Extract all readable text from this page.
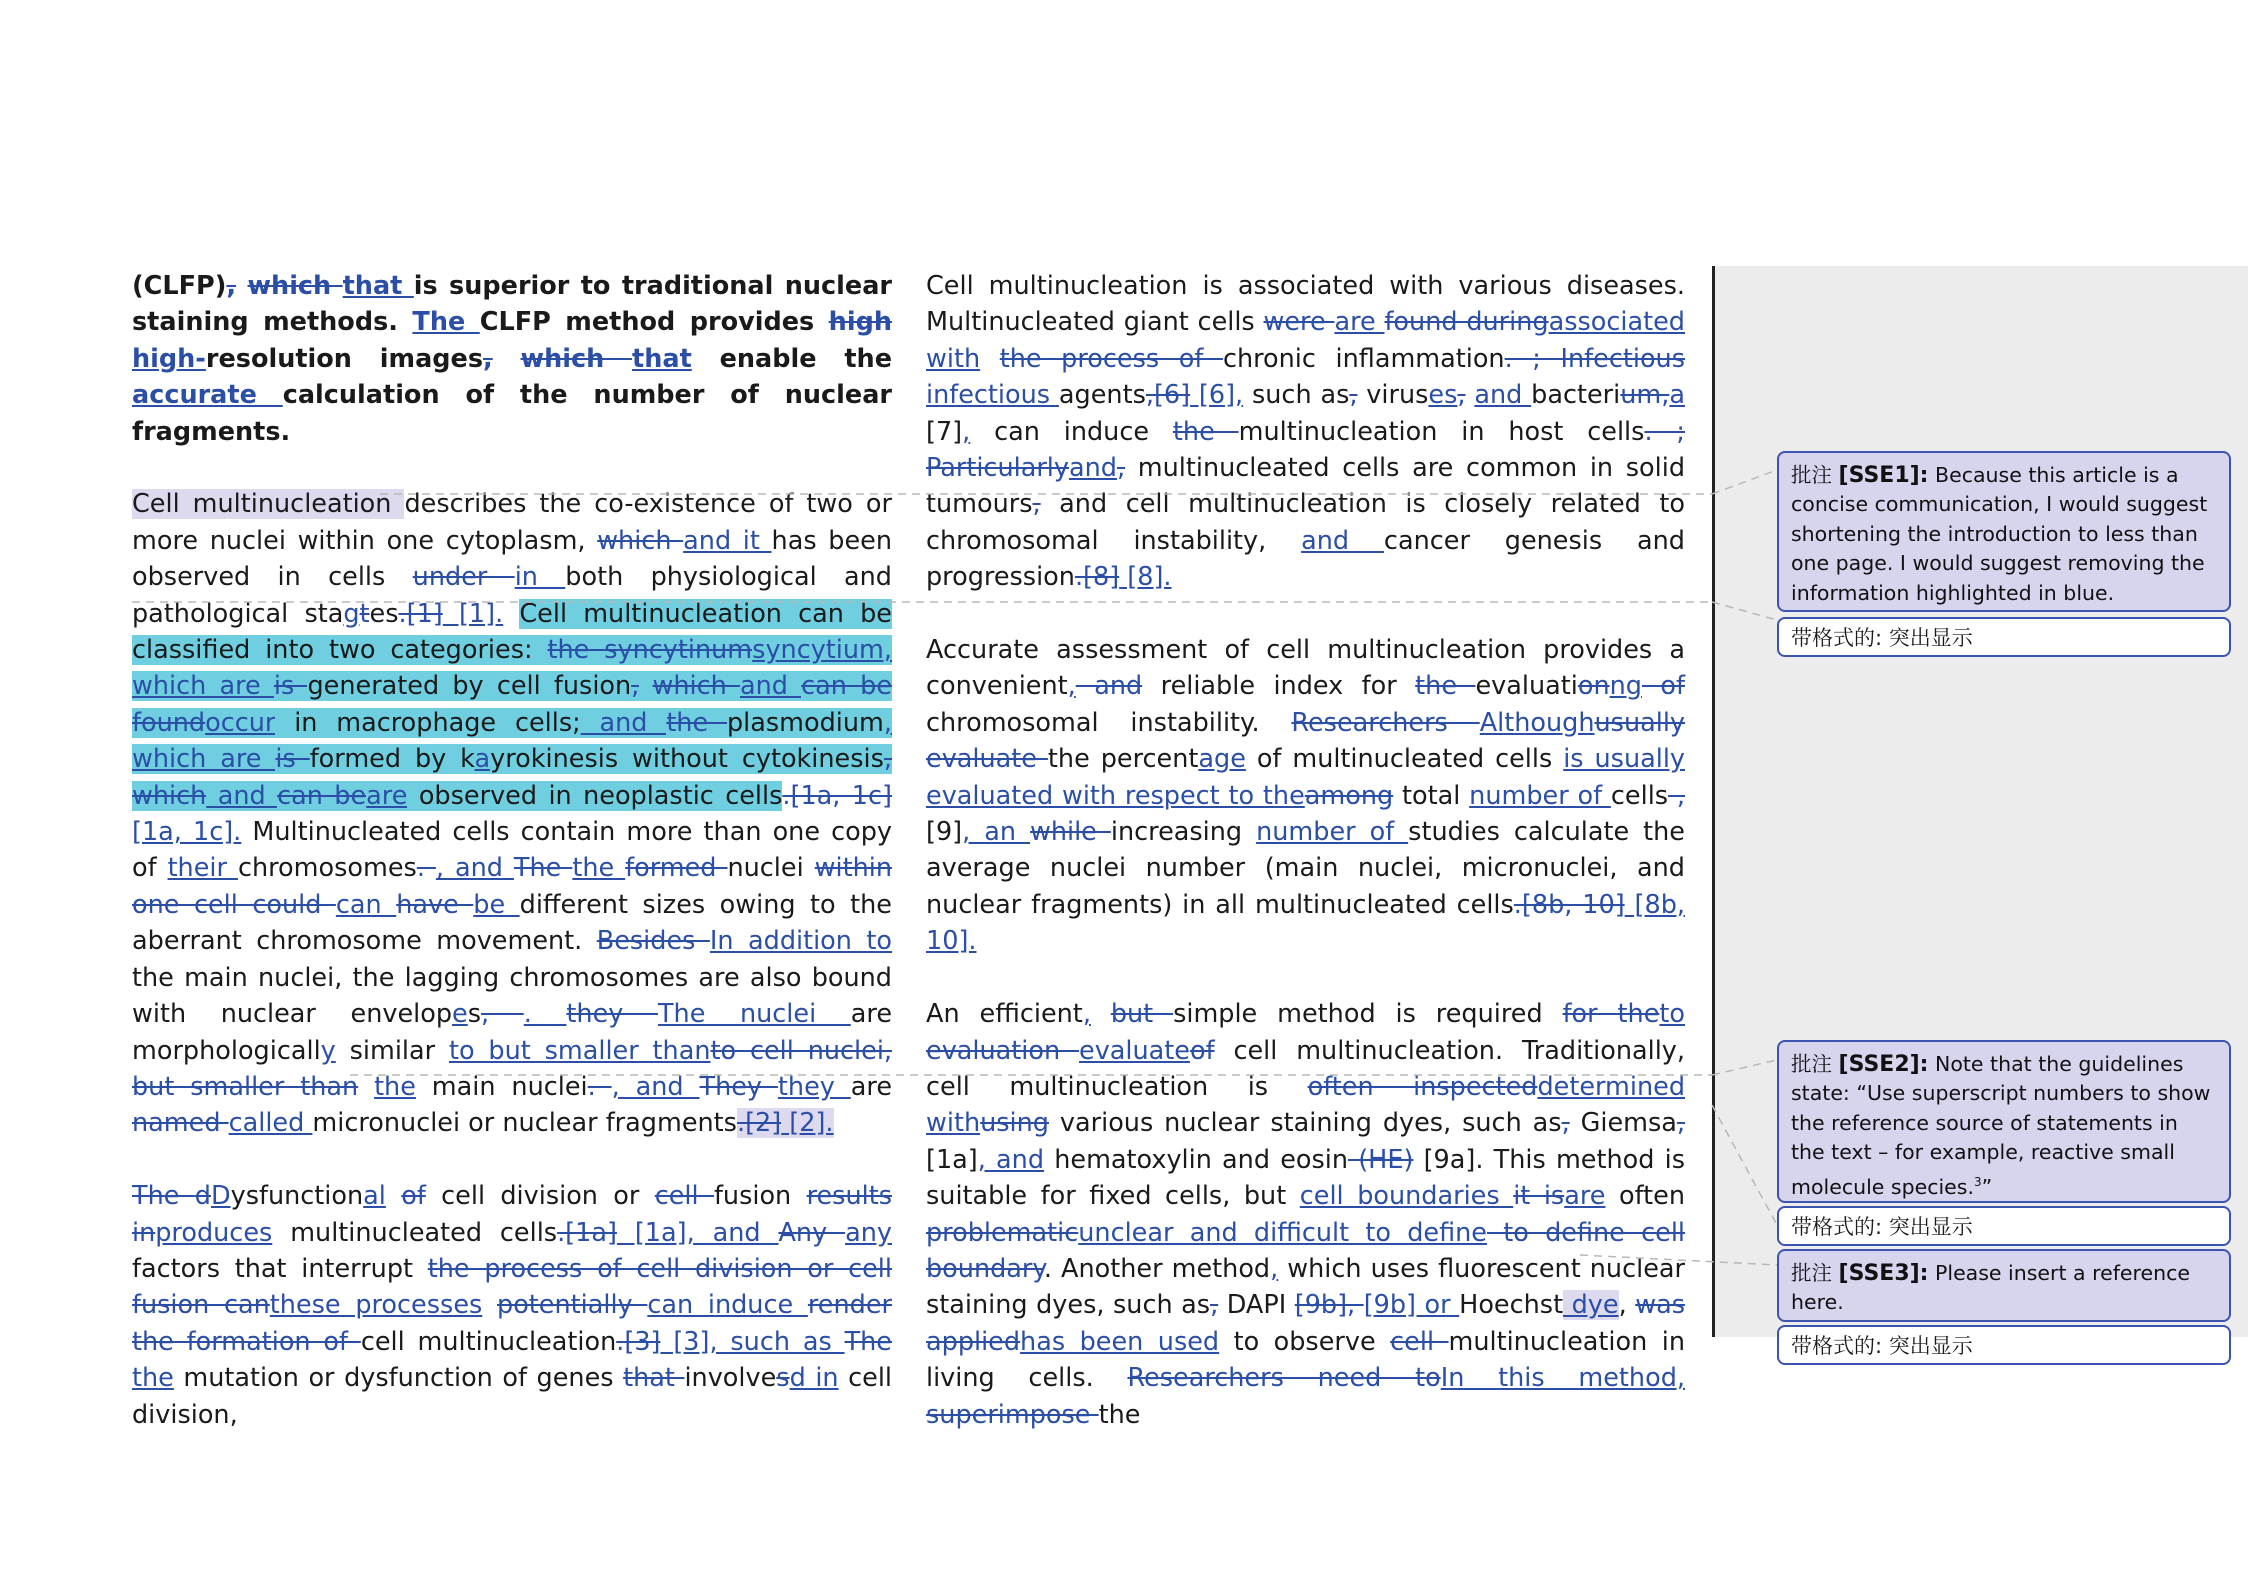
(CLFP), which that is superior to traditional nuclear staining methods. The CLFP method provides high high-resolution images, which that enable the accurate calculation of the number of nuclear fragments.

Cell multinucleation describes the co-existence of two or more nuclei within one cytoplasm, which and it has been observed in cells under in both physiological and pathological stagtes.[1] [1]. Cell multinucleation can be classified into two categories: the syncytinumsyncytium, which are is generated by cell fusion, which and can be foundoccur in macrophage cells; and the plasmodium, which are is formed by kayrokinesis without cytokinesis, which and can beare observed in neoplastic cells.[1a, 1c] [1a, 1c]. Multinucleated cells contain more than one copy of their chromosomes. , and The the formed nuclei within one cell could can have be different sizes owing to the aberrant chromosome movement. Besides In addition to the main nuclei, the lagging chromosomes are also bound with nuclear envelopes, . they The nuclei are morphologically similar to but smaller thanto cell nuclei, but smaller than the main nuclei. , and They they are named called micronuclei or nuclear fragments.[2] [2].

The dDysfunctional of cell division or cell fusion results inproduces multinucleated cells.[1a] [1a], and Any any factors that interrupt the process of cell division or cell fusion canthese processes potentially can induce render the formation of cell multinucleation.[3] [3], such as The the mutation or dysfunction of genes that involvesd in cell division,

Cell multinucleation is associated with various diseases. Multinucleated giant cells were are found duringassociated with the process of chronic inflammation. ; Infectious infectious agents,[6] [6], such as, viruses, and bacterium,a [7], can induce the multinucleation in host cells. ; Particularlyand, multinucleated cells are common in solid tumours, and cell multinucleation is closely related to chromosomal instability, and cancer genesis and progression.[8] [8].

Accurate assessment of cell multinucleation provides a convenient, and reliable index for the evaluationng of chromosomal instability. Researchers Althoughusually evaluate the percentage of multinucleated cells is usually evaluated with respect to theamong total number of cells ,[9], an while increasing number of studies calculate the average nuclei number (main nuclei, micronuclei, and nuclear fragments) in all multinucleated cells.[8b, 10] [8b, 10].

An efficient, but simple method is required for theto evaluation evaluateof cell multinucleation. Traditionally, cell multinucleation is often inspecteddetermined withusing various nuclear staining dyes, such as, Giemsa, [1a], and hematoxylin and eosin (HE) [9a]. This method is suitable for fixed cells, but cell boundaries it isare often problematicunclear and difficult to define to define cell boundary. Another method, which uses fluorescent nuclear staining dyes, such as, DAPI [9b], [9b] or Hoechst dye, was appliedhas been used to observe cell multinucleation in living cells. Researchers need toIn this method, superimpose the

批注 [SSE1]: Because this article is a concise communication, I would suggest shortening the introduction to less than one page. I would suggest removing the information highlighted in blue.
带格式的: 突出显示
批注 [SSE2]: Note that the guidelines state: “Use superscript numbers to show the reference source of statements in the text – for example, reactive small molecule species.$^3$”
带格式的: 突出显示
批注 [SSE3]: Please insert a reference here.
带格式的: 突出显示
